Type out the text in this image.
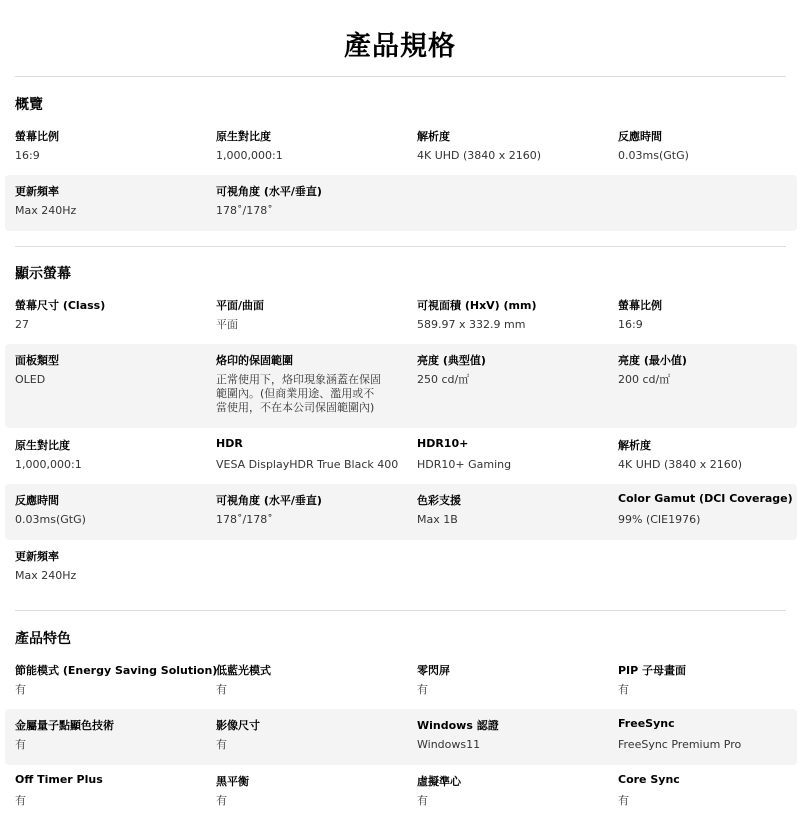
產品規格
概覽
螢幕比例
16:9
原生對比度
1,000,000:1
解析度
4K UHD (3840 x 2160)
反應時間
0.03ms(GtG)
更新頻率
Max 240Hz
可視角度 (水平/垂直)
178˚/178˚
顯示螢幕
螢幕尺寸 (Class)
27
平面/曲面
平面
可視面積 (HxV) (mm)
589.97 x 332.9 mm
螢幕比例
16:9
面板類型
OLED
烙印的保固範圍
正常使用下，烙印現象涵蓋在保固範圍內。(但商業用途、濫用或不當使用，不在本公司保固範圍內)
亮度 (典型值)
250 cd/㎡
亮度 (最小值)
200 cd/㎡
原生對比度
1,000,000:1
HDR
VESA DisplayHDR True Black 400
HDR10+
HDR10+ Gaming
解析度
4K UHD (3840 x 2160)
反應時間
0.03ms(GtG)
可視角度 (水平/垂直)
178˚/178˚
色彩支援
Max 1B
Color Gamut (DCI Coverage)
99% (CIE1976)
更新頻率
Max 240Hz
產品特色
節能模式 (Energy Saving Solution)
有
低藍光模式
有
零閃屏
有
PIP 子母畫面
有
金屬量子點顯色技術
有
影像尺寸
有
Windows 認證
Windows11
FreeSync
FreeSync Premium Pro
Off Timer Plus
有
黑平衡
有
虛擬準心
有
Core Sync
有
